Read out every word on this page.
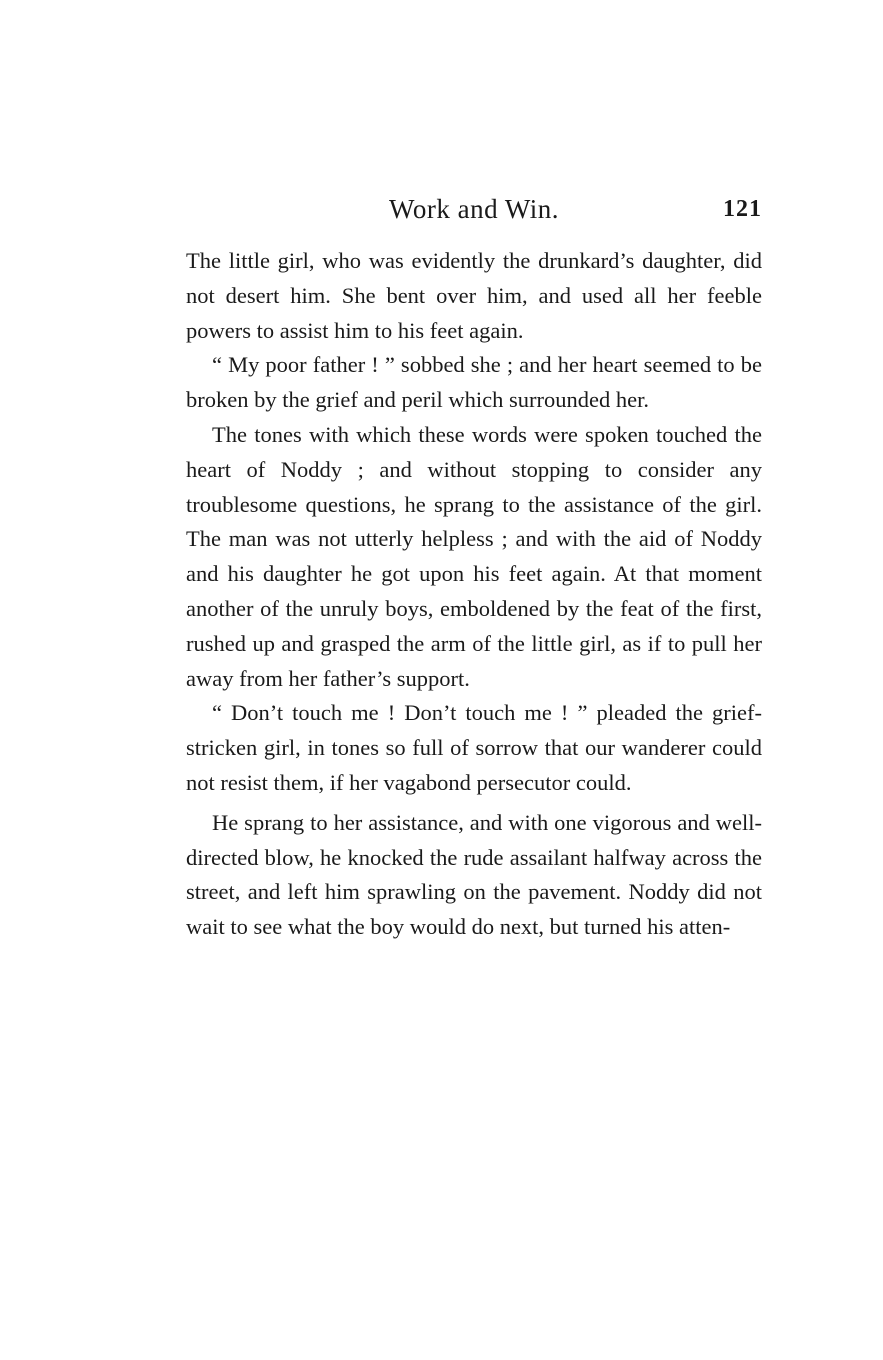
Work and Win.	121

The little girl, who was evidently the drunkard’s daughter, did not desert him. She bent over him, and used all her feeble powers to assist him to his feet again.

“ My poor father ! ” sobbed she ; and her heart seemed to be broken by the grief and peril which surrounded her.

The tones with which these words were spoken touched the heart of Noddy ; and without stopping to consider any troublesome questions, he sprang to the assistance of the girl. The man was not utterly helpless ; and with the aid of Noddy and his daughter he got upon his feet again. At that moment another of the unruly boys, emboldened by the feat of the first, rushed up and grasped the arm of the little girl, as if to pull her away from her father’s support.

“ Don’t touch me ! Don’t touch me ! ” pleaded the grief-stricken girl, in tones so full of sorrow that our wanderer could not resist them, if her vagabond persecutor could.

He sprang to her assistance, and with one vigorous and well-directed blow, he knocked the rude assailant halfway across the street, and left him sprawling on the pavement. Noddy did not wait to see what the boy would do next, but turned his atten-
